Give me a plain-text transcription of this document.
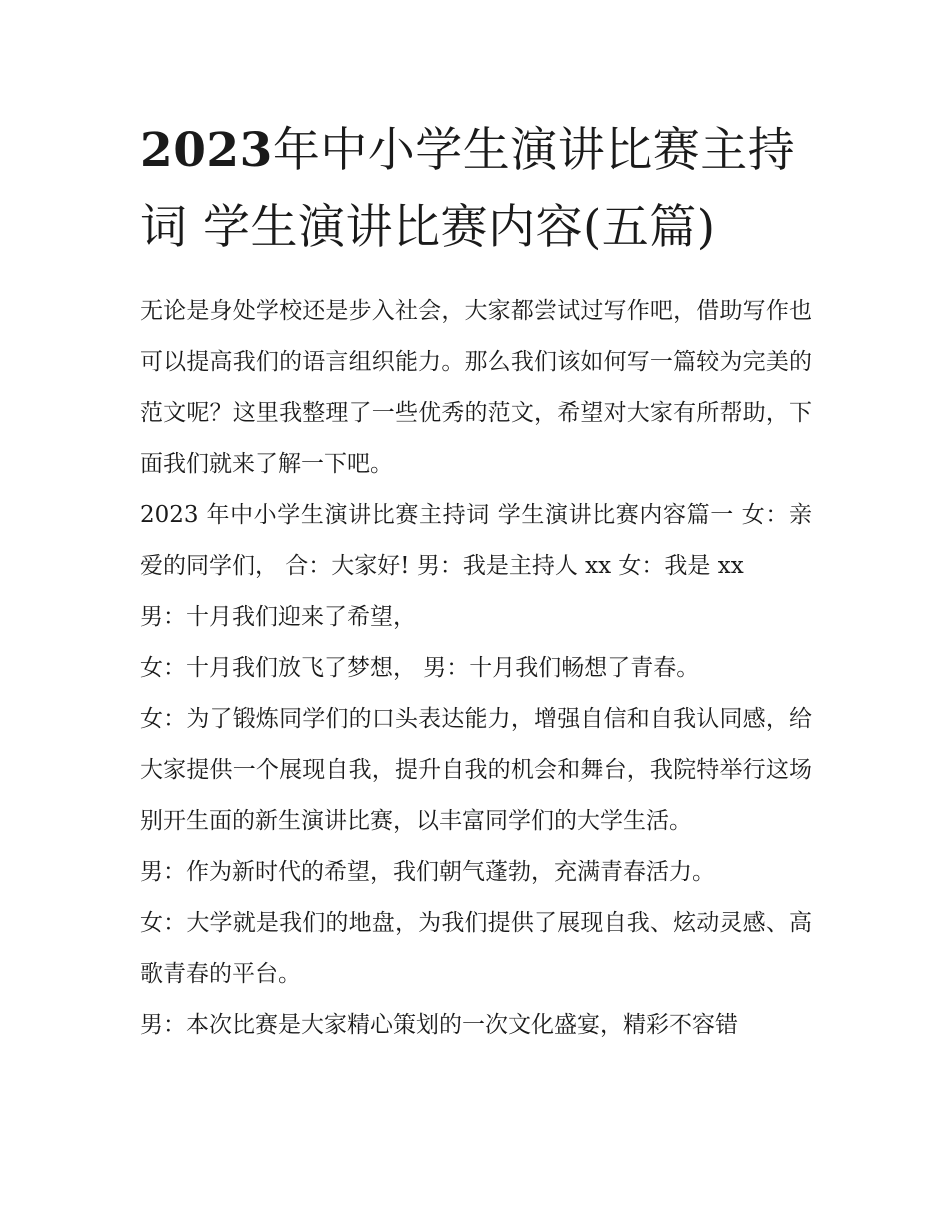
2023年中小学生演讲比赛主持
词 学生演讲比赛内容(五篇)

无论是身处学校还是步入社会，大家都尝试过写作吧，借助写作也可以提高我们的语言组织能力。那么我们该如何写一篇较为完美的范文呢？这里我整理了一些优秀的范文，希望对大家有所帮助，下面我们就来了解一下吧。

2023 年中小学生演讲比赛主持词 学生演讲比赛内容篇一 女：亲爱的同学们， 合：大家好! 男：我是主持人 xx 女：我是 xx

男：十月我们迎来了希望，

女：十月我们放飞了梦想， 男：十月我们畅想了青春。

女：为了锻炼同学们的口头表达能力，增强自信和自我认同感，给大家提供一个展现自我，提升自我的机会和舞台，我院特举行这场别开生面的新生演讲比赛，以丰富同学们的大学生活。

男：作为新时代的希望，我们朝气蓬勃，充满青春活力。

女：大学就是我们的地盘，为我们提供了展现自我、炫动灵感、高歌青春的平台。

男：本次比赛是大家精心策划的一次文化盛宴，精彩不容错
